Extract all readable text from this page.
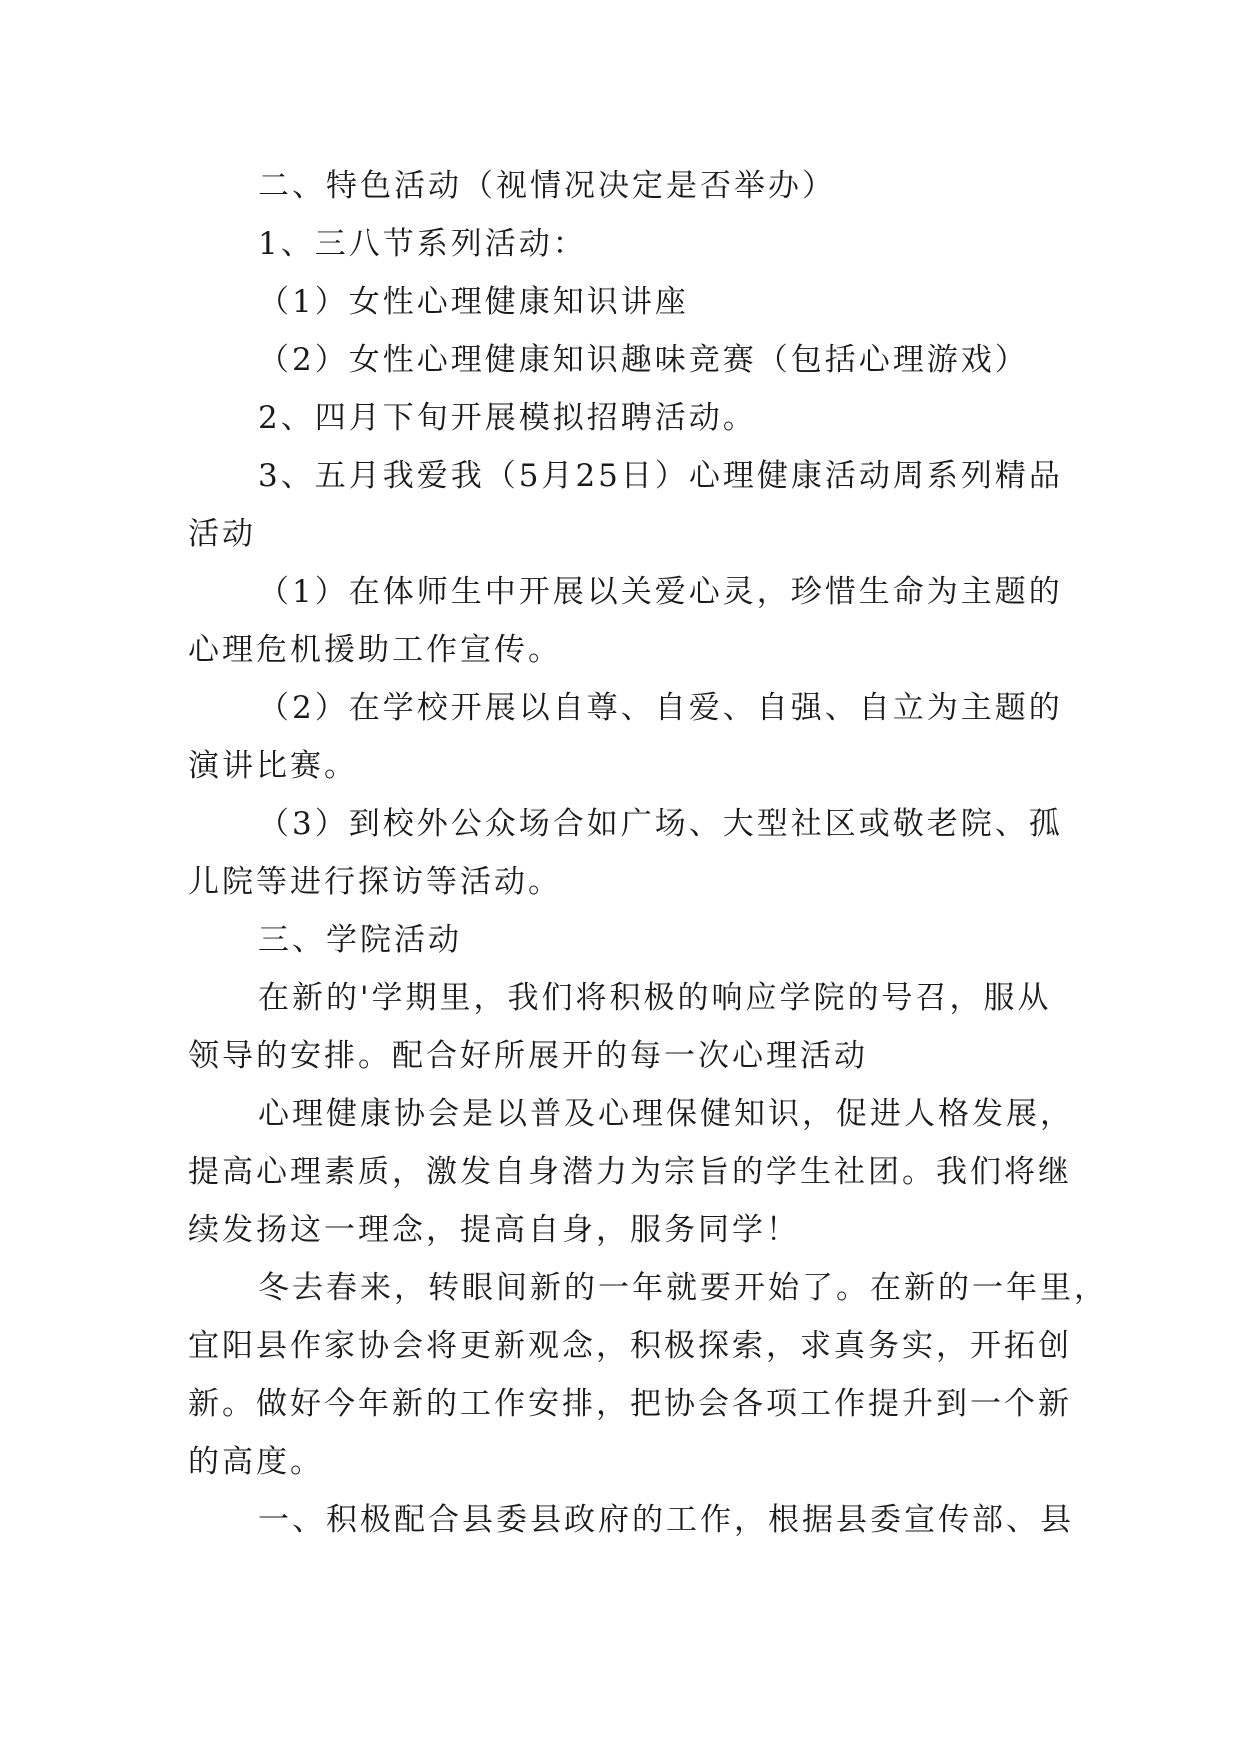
二、特色活动（视情况决定是否举办）
1、三八节系列活动：
（1）女性心理健康知识讲座
（2）女性心理健康知识趣味竞赛（包括心理游戏）
2、四月下旬开展模拟招聘活动。
3、五月我爱我（5月25日）心理健康活动周系列精品
活动
（1）在体师生中开展以关爱心灵，珍惜生命为主题的
心理危机援助工作宣传。
（2）在学校开展以自尊、自爱、自强、自立为主题的
演讲比赛。
（3）到校外公众场合如广场、大型社区或敬老院、孤
儿院等进行探访等活动。
三、学院活动
在新的'学期里，我们将积极的响应学院的号召，服从
领导的安排。配合好所展开的每一次心理活动
心理健康协会是以普及心理保健知识，促进人格发展，
提高心理素质，激发自身潜力为宗旨的学生社团。我们将继
续发扬这一理念，提高自身，服务同学！
冬去春来，转眼间新的一年就要开始了。在新的一年里，
宜阳县作家协会将更新观念，积极探索，求真务实，开拓创
新。做好今年新的工作安排，把协会各项工作提升到一个新
的高度。
一、积极配合县委县政府的工作，根据县委宣传部、县
